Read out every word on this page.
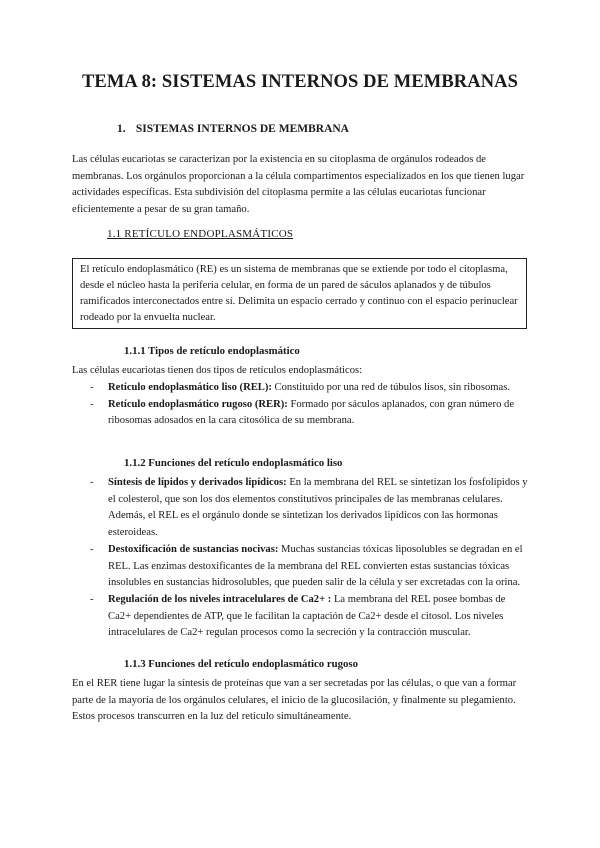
TEMA 8: SISTEMAS INTERNOS DE MEMBRANAS
1. SISTEMAS INTERNOS DE MEMBRANA
Las células eucariotas se caracterizan por la existencia en su citoplasma de orgánulos rodeados de membranas. Los orgánulos proporcionan a la célula compartimentos especializados en los que tienen lugar actividades específicas. Esta subdivisión del citoplasma permite a las células eucariotas funcionar eficientemente a pesar de su gran tamaño.
1.1 RETÍCULO ENDOPLASMÁTICOS
El retículo endoplasmático (RE) es un sistema de membranas que se extiende por todo el citoplasma, desde el núcleo hasta la periferia celular, en forma de un pared de sáculos aplanados y de túbulos ramificados interconectados entre sí. Delimita un espacio cerrado y continuo con el espacio perinuclear rodeado por la envuelta nuclear.
1.1.1 Tipos de retículo endoplasmático
Las células eucariotas tienen dos tipos de retículos endoplasmáticos:
- Retículo endoplasmático liso (REL): Constituido por una red de túbulos lisos, sin ribosomas.
- Retículo endoplasmático rugoso (RER): Formado por sáculos aplanados, con gran número de ribosomas adosados en la cara citosólica de su membrana.
1.1.2 Funciones del retículo endoplasmático liso
- Síntesis de lípidos y derivados lipídicos: En la membrana del REL se sintetizan los fosfolípidos y el colesterol, que son los dos elementos constitutivos principales de las membranas celulares. Además, el REL es el orgánulo donde se sintetizan los derivados lipídicos con las hormonas esteroideas.
- Destoxificación de sustancias nocivas: Muchas sustancias tóxicas liposolubles se degradan en el REL. Las enzimas destoxificantes de la membrana del REL convierten estas sustancias tóxicas insolubles en sustancias hidrosolubles, que pueden salir de la célula y ser excretadas con la orina.
- Regulación de los niveles intracelulares de Ca2+ : La membrana del REL posee bombas de Ca2+ dependientes de ATP, que le facilitan la captación de Ca2+ desde el citosol. Los niveles intracelulares de Ca2+ regulan procesos como la secreción y la contracción muscular.
1.1.3 Funciones del retículo endoplasmático rugoso
En el RER tiene lugar la síntesis de proteínas que van a ser secretadas por las células, o que van a formar parte de la mayoría de los orgánulos celulares, el inicio de la glucosilación, y finalmente su plegamiento. Estos procesos transcurren en la luz del retículo simultáneamente.
